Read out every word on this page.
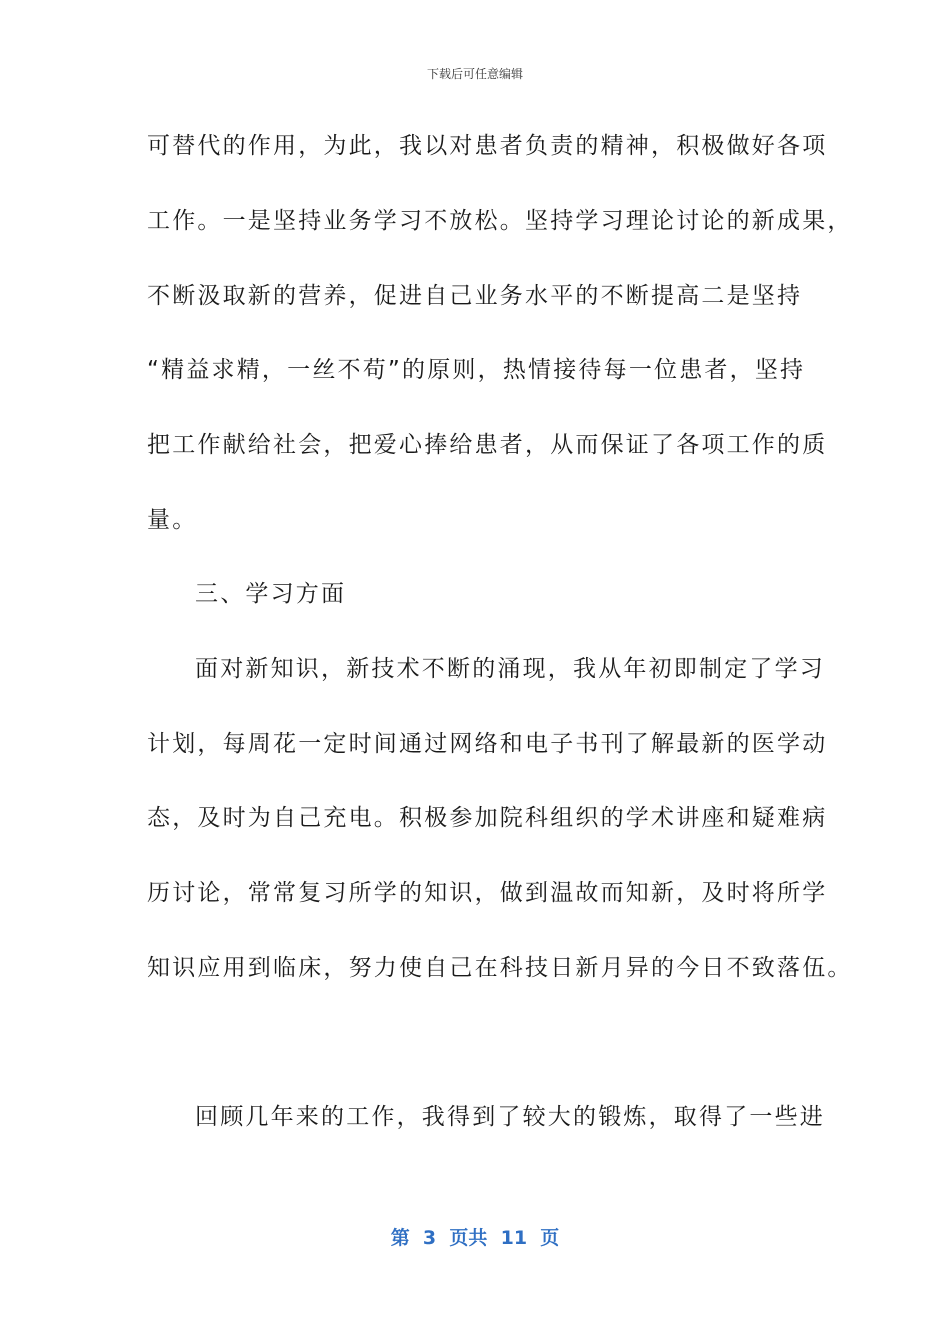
下载后可任意编辑
可替代的作用，为此，我以对患者负责的精神，积极做好各项
工作。一是坚持业务学习不放松。坚持学习理论讨论的新成果，
不断汲取新的营养，促进自己业务水平的不断提高二是坚持
“精益求精，一丝不苟”的原则，热情接待每一位患者，坚持
把工作献给社会，把爱心捧给患者，从而保证了各项工作的质
量。
三、学习方面
面对新知识，新技术不断的涌现，我从年初即制定了学习
计划，每周花一定时间通过网络和电子书刊了解最新的医学动
态，及时为自己充电。积极参加院科组织的学术讲座和疑难病
历讨论，常常复习所学的知识，做到温故而知新，及时将所学
知识应用到临床，努力使自己在科技日新月异的今日不致落伍。
回顾几年来的工作，我得到了较大的锻炼，取得了一些进
第  3  页共  11  页
